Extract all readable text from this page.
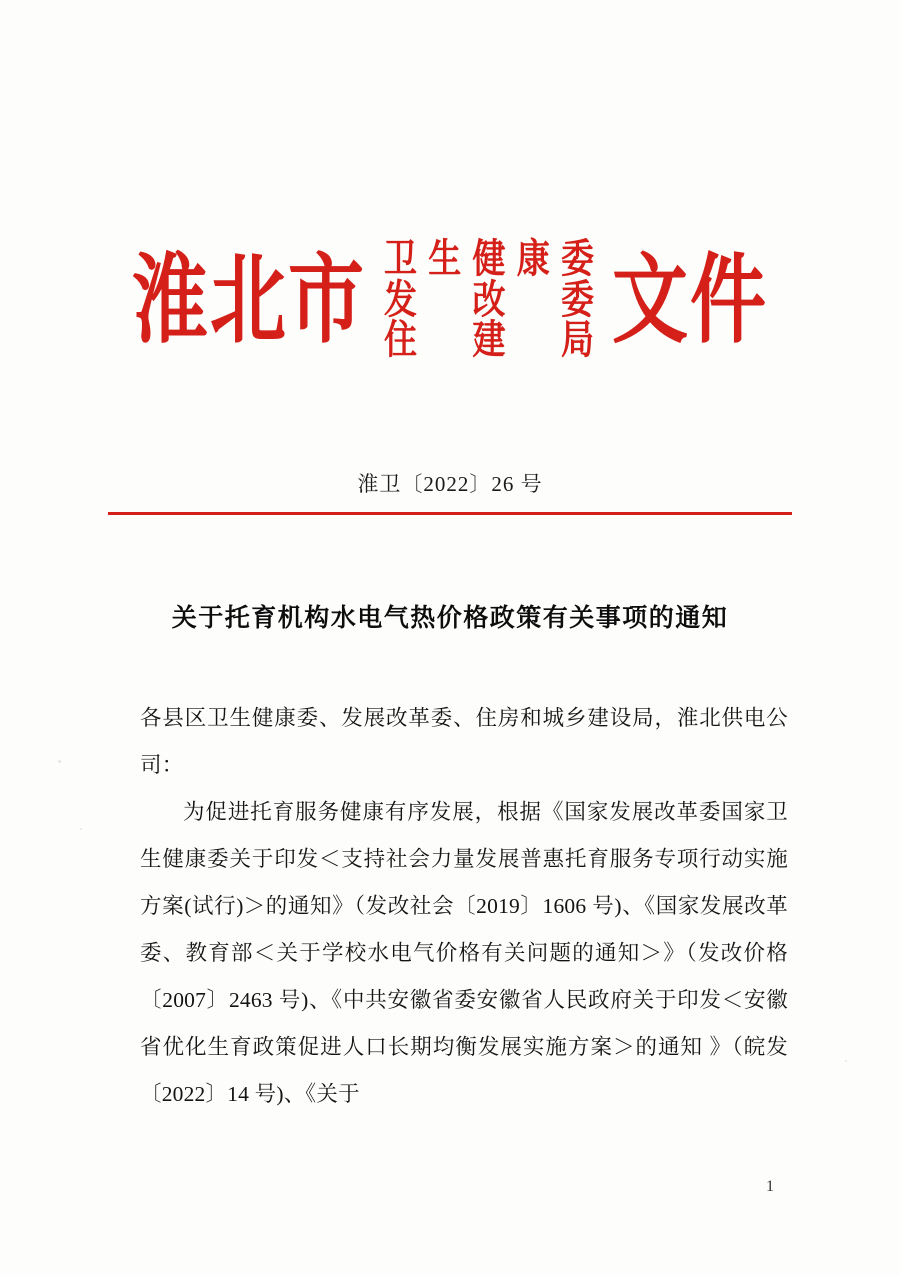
淮北市 卫 生 健 康 委
发 改 委
住 建 局 文件
淮卫〔2022〕26 号
关于托育机构水电气热价格政策有关事项的通知

各县区卫生健康委、发展改革委、住房和城乡建设局，淮北供电公司：

为促进托育服务健康有序发展，根据《国家发展改革委国家卫生健康委关于印发＜支持社会力量发展普惠托育服务专项行动实施方案(试行)＞的通知》（发改社会〔2019〕1606 号)、《国家发展改革委、教育部＜关于学校水电气价格有关问题的通知＞》（发改价格〔2007〕2463 号)、《中共安徽省委安徽省人民政府关于印发＜安徽省优化生育政策促进人口长期均衡发展实施方案＞的通知 》（皖发〔2022〕14 号)、《关于

1
